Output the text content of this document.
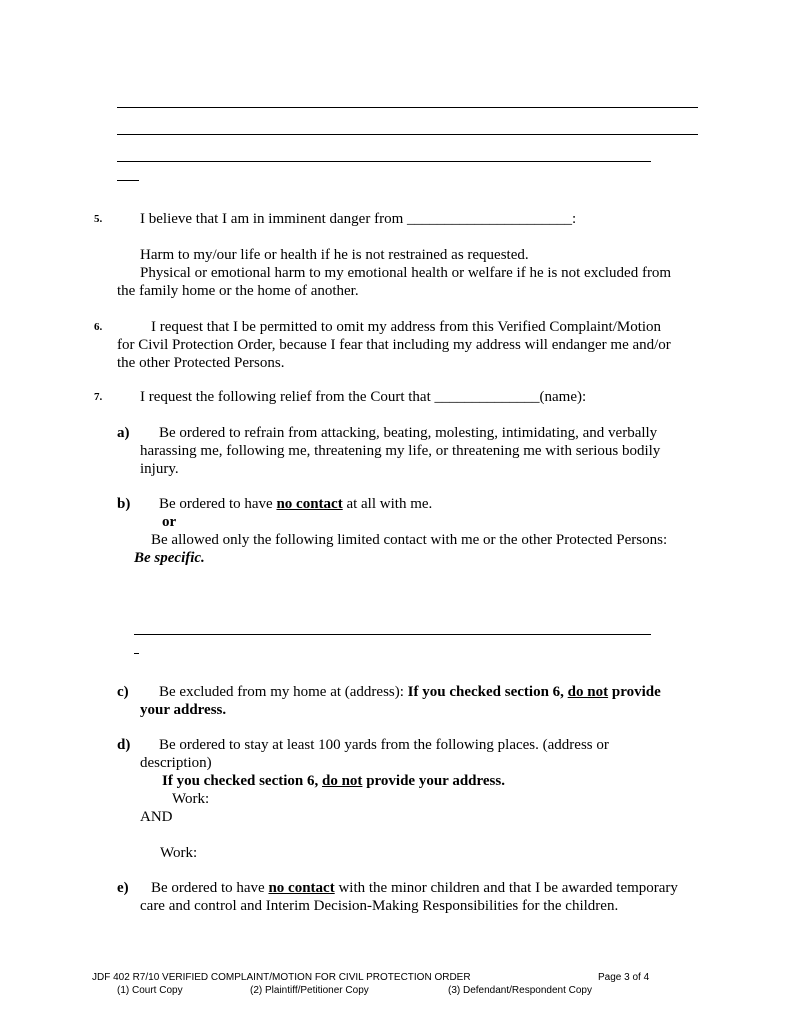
5.	I believe that I am in imminent danger from ______________________:
Harm to my/our life or health if he is not restrained as requested.
Physical or emotional harm to my emotional health or welfare if he is not excluded from
the family home or the home of another.
6.	I request that I be permitted to omit my address from this Verified Complaint/Motion
for Civil Protection Order, because I fear that including my address will endanger me and/or
the other Protected Persons.
7.	I request the following relief from the Court that ______________(name):
a) Be ordered to refrain from attacking, beating, molesting, intimidating, and verbally
harassing me, following me, threatening my life, or threatening me with serious bodily
injury.
b) Be ordered to have no contact at all with me.
or
Be allowed only the following limited contact with me or the other Protected Persons:
Be specific.
c) Be excluded from my home at (address): If you checked section 6, do not provide
your address.
d) Be ordered to stay at least 100 yards from the following places. (address or
description)
If you checked section 6, do not provide your address.
Work:
AND
Work:
e) Be ordered to have no contact with the minor children and that I be awarded temporary
care and control and Interim Decision-Making Responsibilities for the children.
JDF 402 R7/10 VERIFIED COMPLAINT/MOTION FOR CIVIL PROTECTION ORDER	Page 3 of 4
(1) Court Copy	(2) Plaintiff/Petitioner Copy	(3) Defendant/Respondent Copy
